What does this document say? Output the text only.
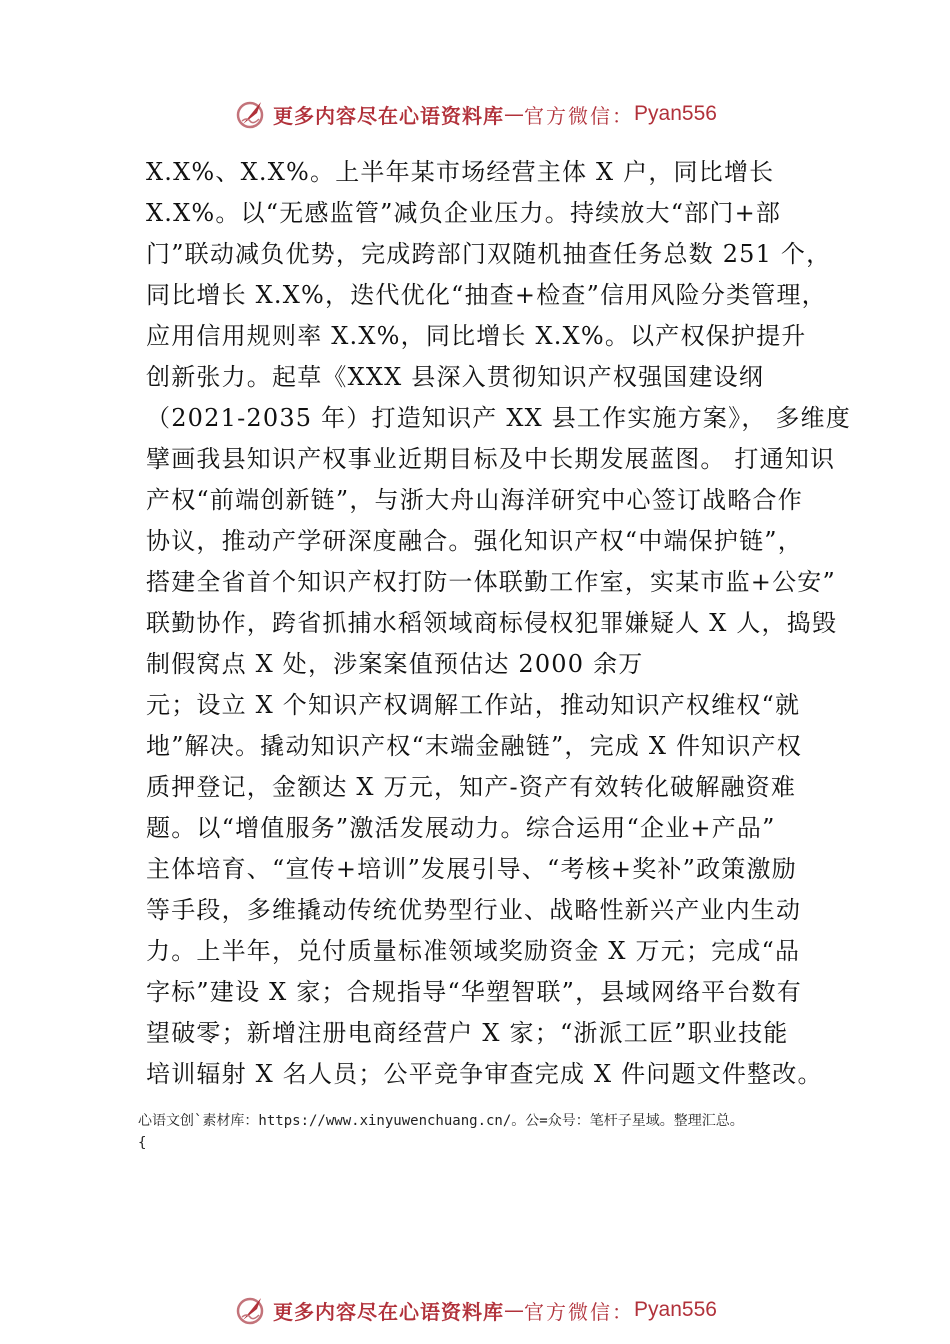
更多内容尽在心语资料库 — 官方微信： Pyan556
X.X%、X.X%。上半年某市场经营主体 X 户，同比增长
X.X%。以“无感监管”减负企业压力。持续放大“部门+部
门”联动减负优势，完成跨部门双随机抽查任务总数 251 个，
同比增长 X.X%，迭代优化“抽查+检查”信用风险分类管理，
应用信用规则率 X.X%，同比增长 X.X%。以产权保护提升
创新张力。起草《XXX 县深入贯彻知识产权强国建设纲
（2021-2035 年）打造知识产 XX 县工作实施方案》， 多维度
擘画我县知识产权事业近期目标及中长期发展蓝图。 打通知识
产权“前端创新链”，与浙大舟山海洋研究中心签订战略合作
协议，推动产学研深度融合。强化知识产权“中端保护链”，
搭建全省首个知识产权打防一体联勤工作室，实某市监+公安”
联勤协作，跨省抓捕水稻领域商标侵权犯罪嫌疑人 X 人，捣毁
制假窝点 X 处，涉案案值预估达 2000 余万
元；设立 X 个知识产权调解工作站，推动知识产权维权“就
地”解决。撬动知识产权“末端金融链”，完成 X 件知识产权
质押登记，金额达 X 万元，知产-资产有效转化破解融资难
题。以“增值服务”激活发展动力。综合运用“企业+产品”
主体培育、“宣传+培训”发展引导、“考核+奖补”政策激励
等手段，多维撬动传统优势型行业、战略性新兴产业内生动
力。上半年，兑付质量标准领域奖励资金 X 万元；完成“品
字标”建设 X 家；合规指导“华塑智联”，县域网络平台数有
望破零；新增注册电商经营户 X 家；“浙派工匠”职业技能
培训辐射 X 名人员；公平竞争审查完成 X 件问题文件整改。
心语文创`素材库：https://www.xinyuwenchuang.cn/。公=众号：笔杆子星域。整理汇总。
{
更多内容尽在心语资料库 — 官方微信： Pyan556
